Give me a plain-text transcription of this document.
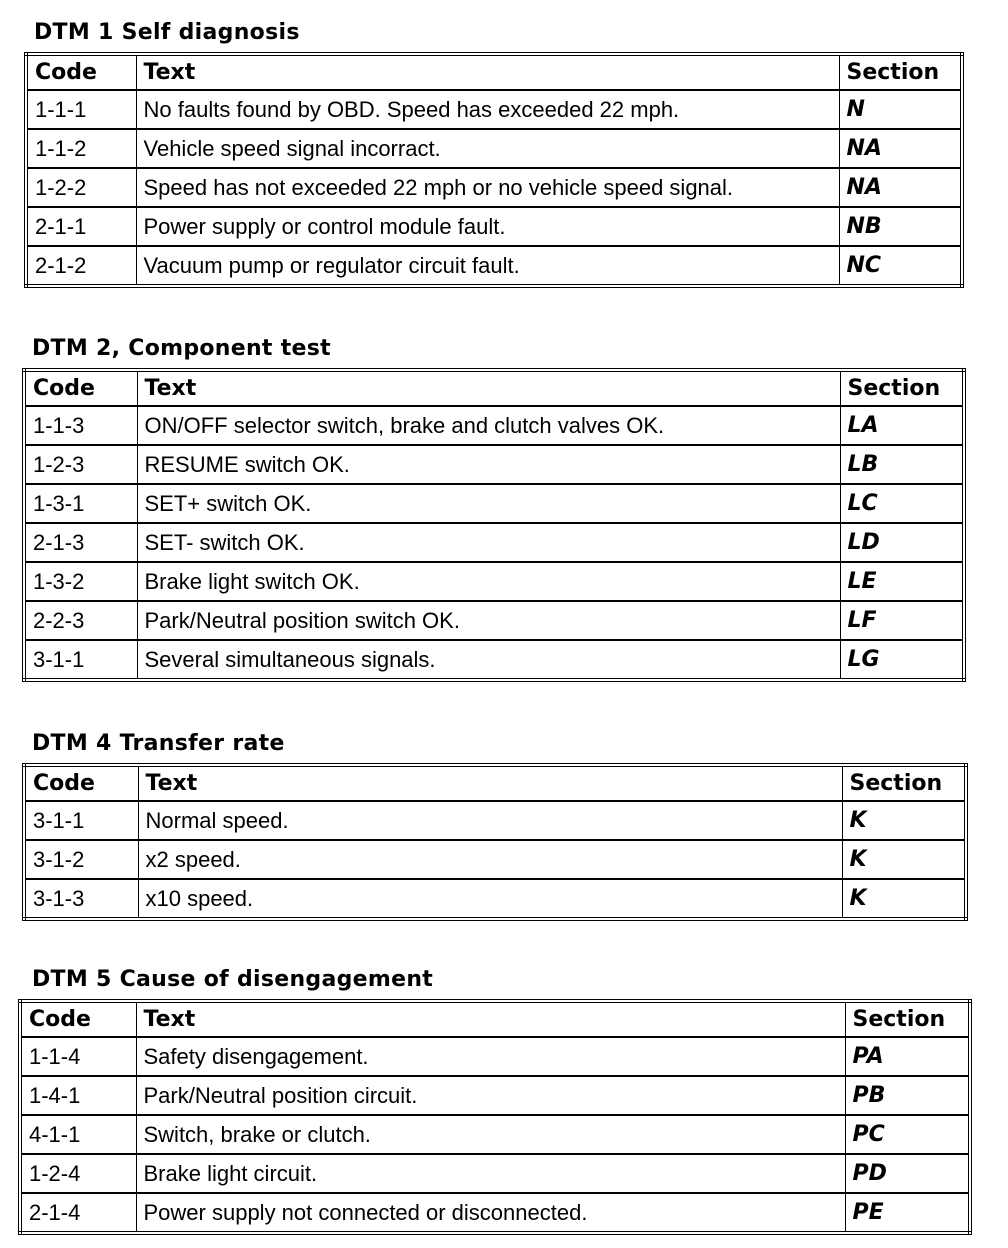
DTM 1 Self diagnosis
Code	Text	Section
1-1-1	No faults found by OBD. Speed has exceeded 22 mph.	N
1-1-2	Vehicle speed signal incorract.	NA
1-2-2	Speed has not exceeded 22 mph or no vehicle speed signal.	NA
2-1-1	Power supply or control module fault.	NB
2-1-2	Vacuum pump or regulator circuit fault.	NC
DTM 2, Component test
Code	Text	Section
1-1-3	ON/OFF selector switch, brake and clutch valves OK.	LA
1-2-3	RESUME switch OK.	LB
1-3-1	SET+ switch OK.	LC
2-1-3	SET- switch OK.	LD
1-3-2	Brake light switch OK.	LE
2-2-3	Park/Neutral position switch OK.	LF
3-1-1	Several simultaneous signals.	LG
DTM 4 Transfer rate
Code	Text	Section
3-1-1	Normal speed.	K
3-1-2	x2 speed.	K
3-1-3	x10 speed.	K
DTM 5 Cause of disengagement
Code	Text	Section
1-1-4	Safety disengagement.	PA
1-4-1	Park/Neutral position circuit.	PB
4-1-1	Switch, brake or clutch.	PC
1-2-4	Brake light circuit.	PD
2-1-4	Power supply not connected or disconnected.	PE
